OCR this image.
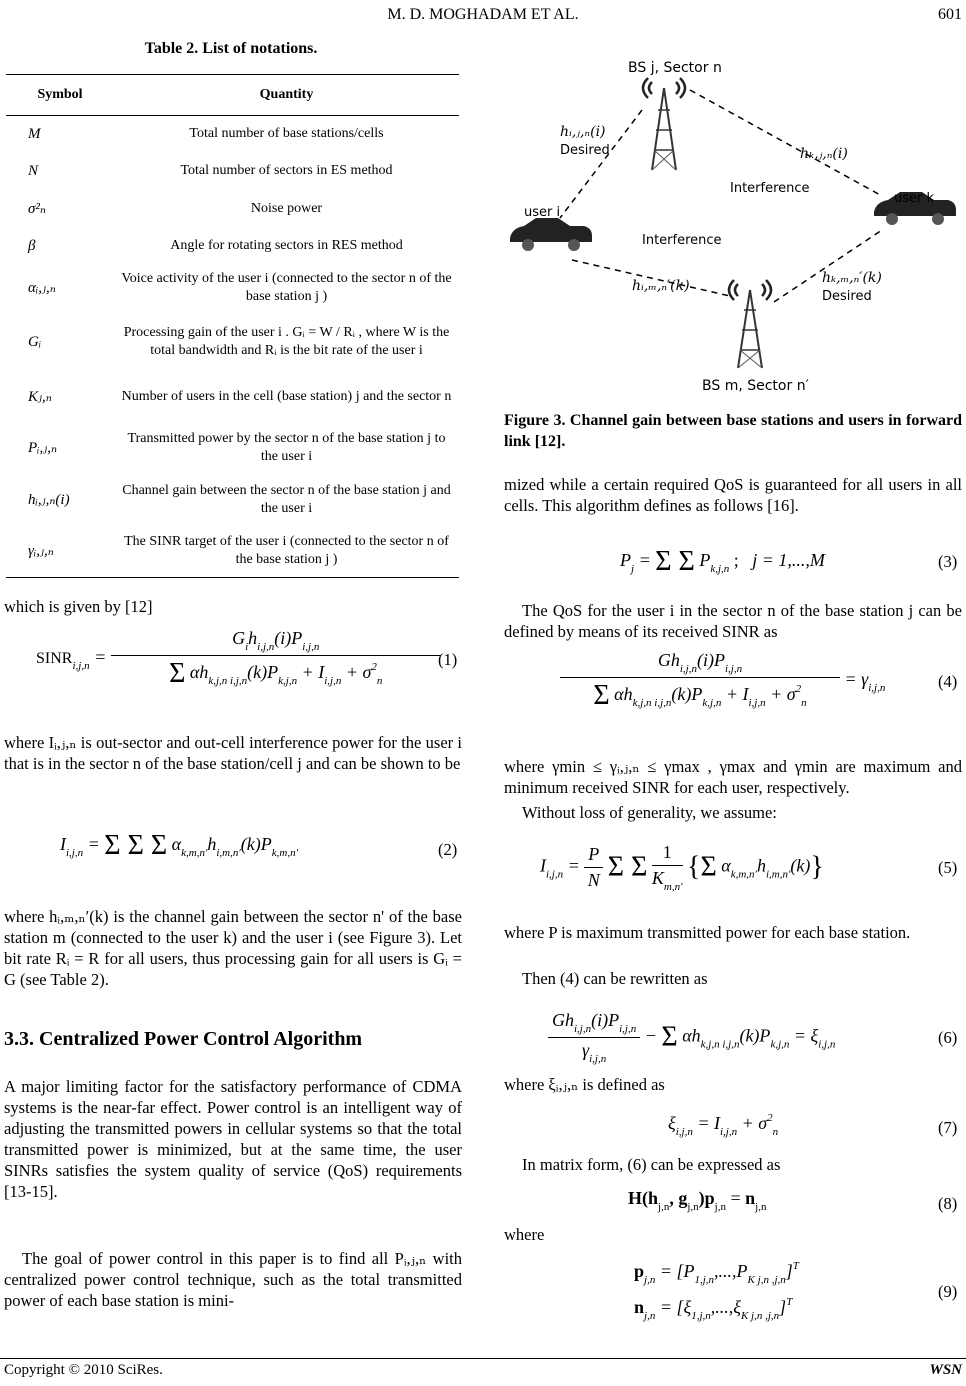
M. D. MOGHADAM ET AL.	601
Table 2. List of notations.
Symbol	Quantity
M	Total number of base stations/cells
N	Total number of sectors in ES method
σ²ₙ	Noise power
β	Angle for rotating sectors in RES method
αᵢ,ⱼ,ₙ	Voice activity of the user i (connected to the sector n of the base station j )
Gᵢ	Processing gain of the user i . Gᵢ = W / Rᵢ , where W is the total bandwidth and Rᵢ is the bit rate of the user i
Kⱼ,ₙ	Number of users in the cell (base station) j and the sector n
Pᵢ,ⱼ,ₙ	Transmitted power by the sector n of the base station j to the user i
hᵢ,ⱼ,ₙ(i)	Channel gain between the sector n of the base station j and the user i
γᵢ,ⱼ,ₙ	The SINR target of the user i (connected to the sector n of the base station j )
which is given by [12]
$SINR_{i,j,n} = \frac{G_ih_{i,j,n}(i)P_{i,j,n}}{\Sigma \alpha h_{k,j,n i,j,n}(k)P_{k,j,n} + I_{i,j,n} + \sigma^2_n}$
(1)
where Iᵢ,ⱼ,ₙ is out-sector and out-cell interference power for the user i that is in the sector n of the base station/cell j and can be shown to be
$I_{i,j,n} = \Sigma$ Σ Σ $\alpha_{k,m,n'}h_{i,m,n'}(k)P_{k,m,n'}$	(2)
where hᵢ,ₘ,ₙ′(k) is the channel gain between the sector n' of the base station m (connected to the user k) and the user i (see Figure 3). Let bit rate Rᵢ = R for all users, thus processing gain for all users is Gᵢ = G (see Table 2).
3.3. Centralized Power Control Algorithm
A major limiting factor for the satisfactory performance of CDMA systems is the near-far effect. Power control is an intelligent way of adjusting the transmitted powers in cellular systems so that the total transmitted power is minimized, but at the same time, the user SINRs satisfies the system quality of service (QoS) requirements [13-15].
The goal of power control in this paper is to find all Pᵢ,ⱼ,ₙ with centralized power control technique, such as the total transmitted power of each base station is mini-
BS j, Sector n
hᵢ,ⱼ,ₙ(i)
Desired	hₖ,ⱼ,ₙ(i)
Interference
user k
user i
Interference
hₖ,ₘ,ₙ′(k)
Desired
hᵢ,ₘ,ₙ′(k)
BS m, Sector n′
Figure 3. Channel gain between base stations and users in forward link [12].
mized while a certain required QoS is guaranteed for all users in all cells. This algorithm defines as follows [16].
$P_j = \Sigma$ Σ $P_{k,j,n}$ ;   j = 1,...,M	(3)
The QoS for the user i in the sector n of the base station j can be defined by means of its received SINR as
$\frac{Gh_{i,j,n}(i)P_{i,j,n}}{\Sigma \alpha h_{k,j,n i,j,n}(k)P_{k,j,n} + I_{i,j,n} + \sigma^2_n} = \gamma_{i,j,n}$	(4)
where γmin ≤ γᵢ,ⱼ,ₙ ≤ γmax , γmax and γmin are maximum and minimum received SINR for each user, respectively.
Without loss of generality, we assume:
$I_{i,j,n} = \frac{P}{N}$ Σ Σ $\frac{1}{K_{m,n'}} \{\Sigma$ $\alpha_{k,m,n'}h_{i,m,n'}(k)$}	(5)
where P is maximum transmitted power for each base station.
Then (4) can be rewritten as
$\frac{Gh_{i,j,n}(i)P_{i,j,n}}{\gamma_{i,j,n}} - \Sigma$ $\alpha h_{k,j,n i,j,n}(k)P_{k,j,n} = \xi_{i,j,n}$	(6)
where ξᵢ,ⱼ,ₙ is defined as
$\xi_{i,j,n} = I_{i,j,n} + \sigma^2_n$	(7)
In matrix form, (6) can be expressed as
$H(h_{j,n}$, $g_{j,n})p_{j,n} = n_{j,n}$	(8)
where
$p_{j,n} = [P_{1,j,n},...,P_{K j,n ,j,n}]^T$
$n_{j,n} = [\xi_{1,j,n},...,\xi_{K j,n ,j,n}]^T$
(9)
Copyright © 2010 SciRes.	WSN
